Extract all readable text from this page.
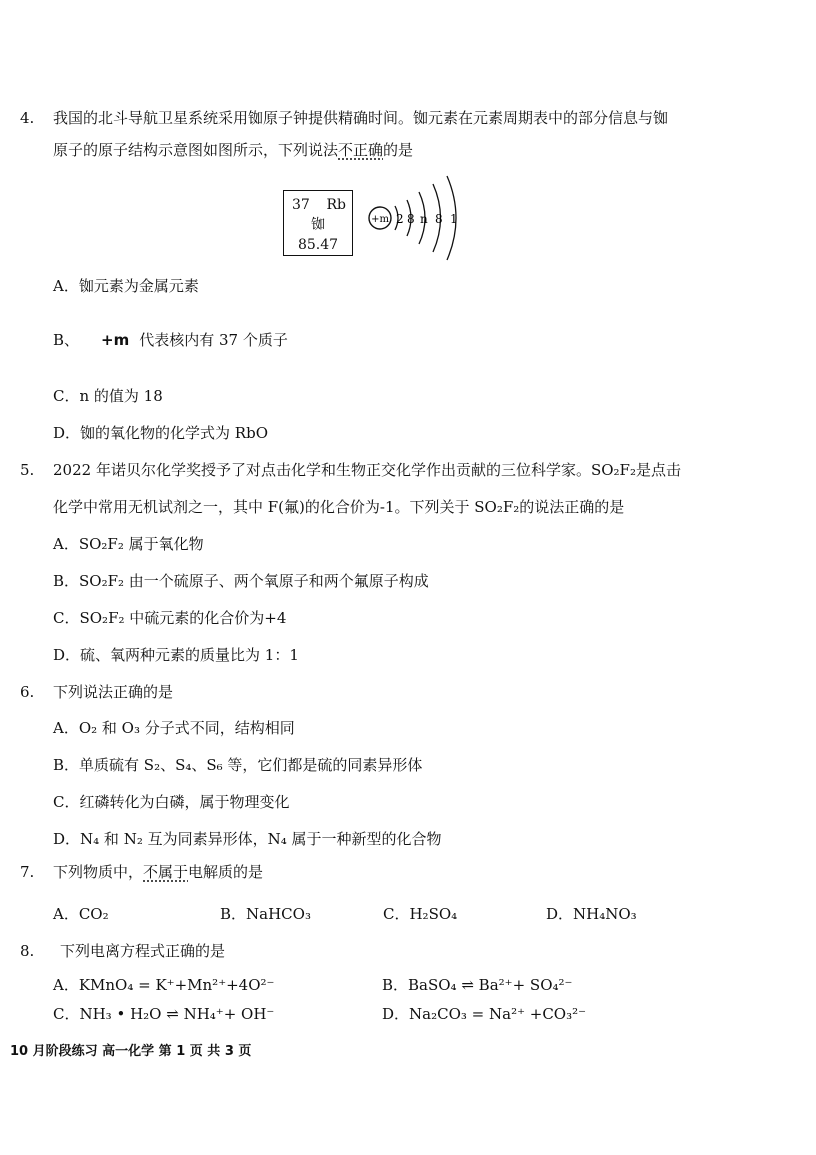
4. 我国的北斗导航卫星系统采用铷原子钟提供精确时间。铷元素在元素周期表中的部分信息与铷
原子的原子结构示意图如图所示，下列说法不正确的是
37 Rb
铷
85.47
+m 2 8 n 8 1
A．铷元素为金属元素
B、 +m 代表核内有 37 个质子
C．n 的值为 18
D．铷的氧化物的化学式为 RbO
5. 2022 年诺贝尔化学奖授予了对点击化学和生物正交化学作出贡献的三位科学家。SO₂F₂是点击
化学中常用无机试剂之一，其中 F(氟)的化合价为-1。下列关于 SO₂F₂的说法正确的是
A．SO₂F₂ 属于氧化物
B．SO₂F₂ 由一个硫原子、两个氧原子和两个氟原子构成
C．SO₂F₂ 中硫元素的化合价为+4
D．硫、氧两种元素的质量比为 1：1
6. 下列说法正确的是
A．O₂ 和 O₃ 分子式不同，结构相同
B．单质硫有 S₂、S₄、S₆ 等，它们都是硫的同素异形体
C．红磷转化为白磷，属于物理变化
D．N₄ 和 N₂ 互为同素异形体，N₄ 属于一种新型的化合物
7. 下列物质中，不属于电解质的是
A．CO₂	B．NaHCO₃	C．H₂SO₄	D．NH₄NO₃
8. 下列电离方程式正确的是
A．KMnO₄ = K⁺+Mn²⁺+4O²⁻	B．BaSO₄ ⇌ Ba²⁺+ SO₄²⁻
C．NH₃ • H₂O ⇌ NH₄⁺+ OH⁻	D．Na₂CO₃ = Na²⁺ +CO₃²⁻
10 月阶段练习 高一化学 第 1 页 共 3 页
